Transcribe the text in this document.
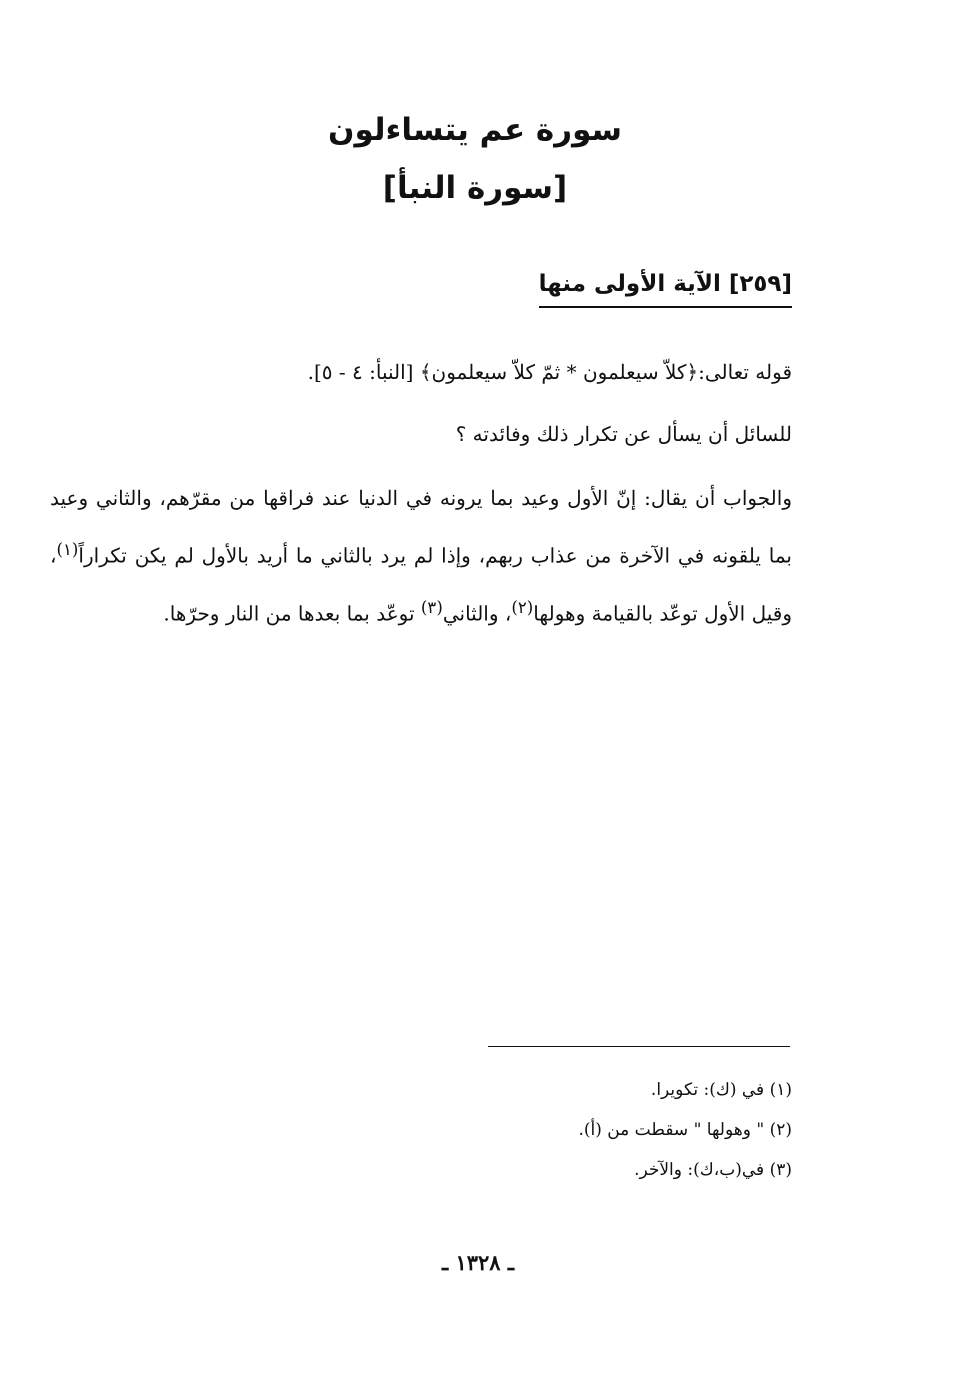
سورة عم يتساءلون
[سورة النبأ]
[٢٥٩] الآية الأولى منها

قوله تعالى:﴿كلاّ سيعلمون * ثمّ كلاّ سيعلمون﴾ [النبأ: ٤ - ٥].

للسائل أن يسأل عن تكرار ذلك وفائدته ؟

والجواب أن يقال: إنّ الأول وعيد بما يرونه في الدنيا عند فراقها من مقرّهم، والثاني وعيد بما يلقونه في الآخرة من عذاب ربهم، وإذا لم يرد بالثاني ما أريد بالأول لم يكن تكراراً$^{(١)}$، وقيل الأول توعّد بالقيامة وهولها$^{(٢)}$، والثاني$^{(٣)}$ توعّد بما بعدها من النار وحرّها.

(١) في (ك): تكويرا.
(٢) " وهولها " سقطت من (أ).
(٣) في(ب،ك): والآخر.
ـ ١٣٢٨ ـ
